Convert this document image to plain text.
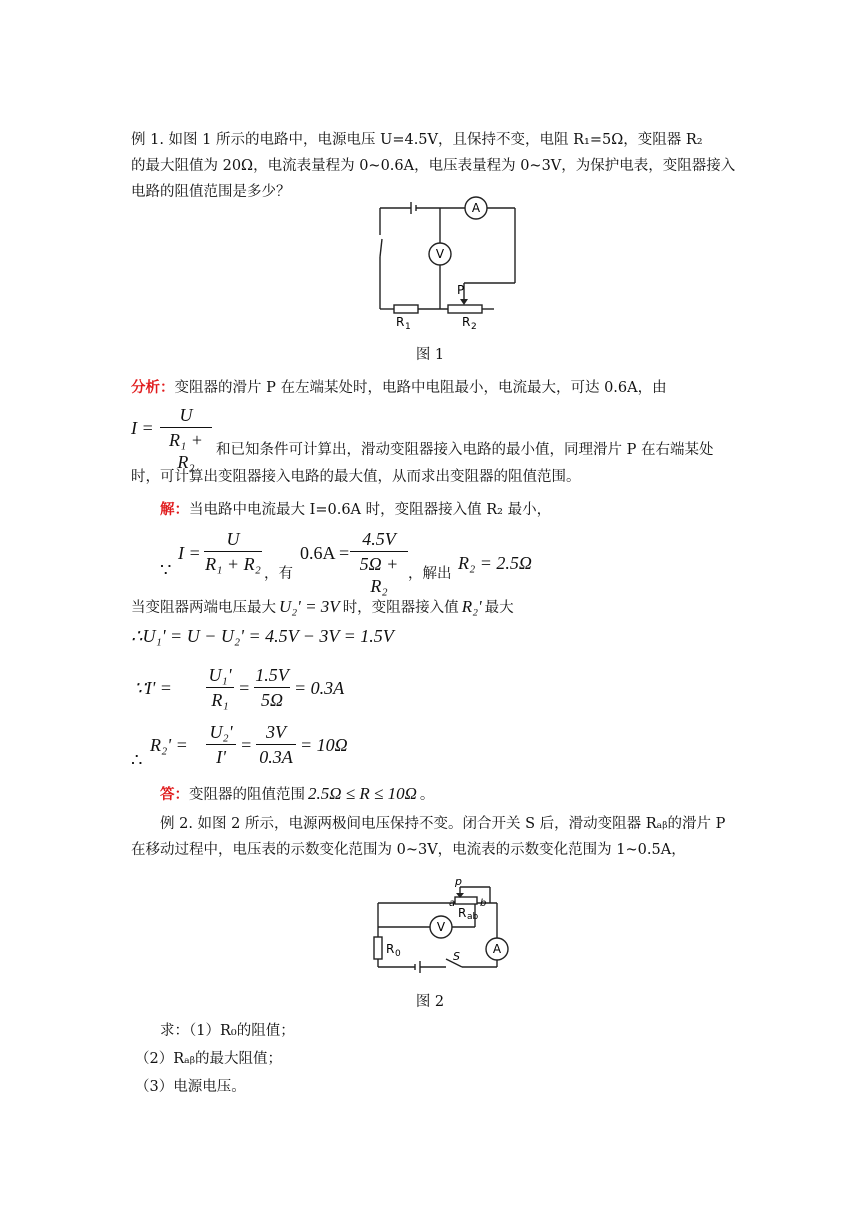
例 1. 如图 1 所示的电路中，电源电压 U=4.5V，且保持不变，电阻 R₁=5Ω，变阻器 R₂
的最大阻值为 20Ω，电流表量程为 0~0.6A，电压表量程为 0~3V，为保护电表，变阻器接入
电路的阻值范围是多少？
A
V
P
R 1	R 2
图 1
分析：变阻器的滑片 P 在左端某处时，电路中电阻最小，电流最大，可达 0.6A，由
I =
U
R₁ + R₂
和已知条件可计算出，滑动变阻器接入电路的最小值，同理滑片 P 在右端某处
时，可计算出变阻器接入电路的最大值，从而求出变阻器的阻值范围。
解：当电路中电流最大 I=0.6A 时，变阻器接入值 R₂ 最小，
∵
I =
U
R₁ + R₂ ，有
0.6A =
4.5V
5Ω + R₂
，解出
R₂ = 2.5Ω
当变阻器两端电压最大 U₂' = 3V 时，变阻器接入值 R₂' 最大
∴U₁' = U − U₂' = 4.5V − 3V = 1.5V
∵I' =
U₁'
R₁
=
1.5V
5Ω
= 0.3A
∴
R₂' =
U₂'
I'
=
3V
0.3A
= 10Ω
答：变阻器的阻值范围 2.5Ω ≤ R ≤ 10Ω 。
例 2. 如图 2 所示，电源两极间电压保持不变。闭合开关 S 后，滑动变阻器 Rₐᵦ的滑片 P
在移动过程中，电压表的示数变化范围为 0~3V，电流表的示数变化范围为 1~0.5A，
p
a b
R ab
V
A
R 0	S
图 2
求：（1）R₀的阻值；
（2）Rₐᵦ的最大阻值；
（3）电源电压。
